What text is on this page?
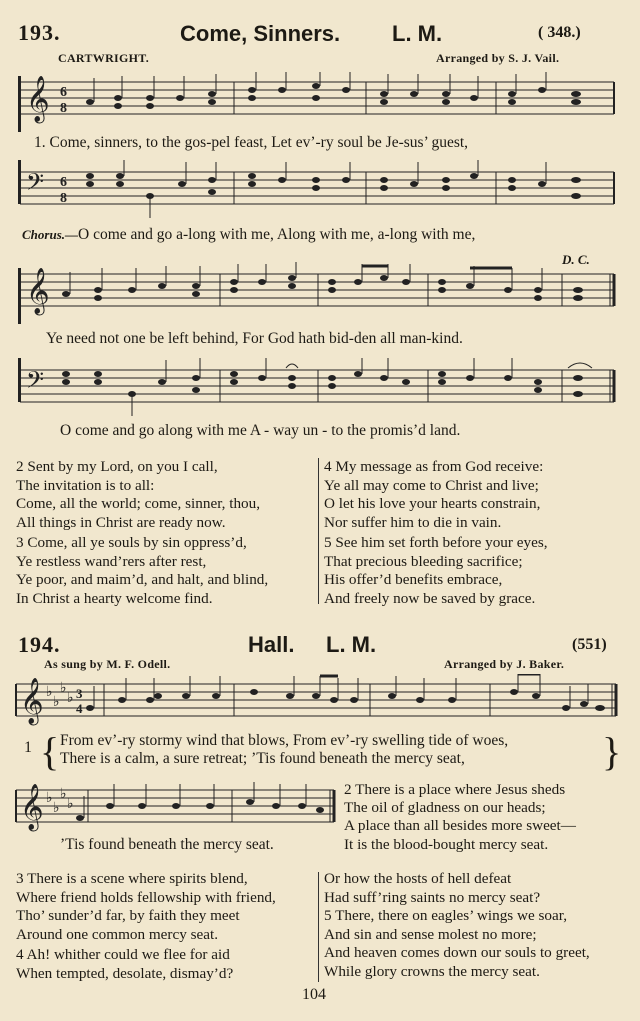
193.	Come, Sinners. L. M.	( 348.)
CARTWRIGHT.	Arranged by S. J. Vail.
𝄞 6
8
1. Come, sinners, to the gos-pel feast, Let ev’-ry soul be Je-sus’ guest,
𝄢 6
8
Chorus.—O come and go a-long with me, Along with me, a-long with me,
𝄞
D. C.
Ye need not one be left behind, For God hath bid-den all man-kind.
𝄢
O come and go along with me A - way un - to the promis’d land.
2 Sent by my Lord, on you I call,
The invitation is to all:
Come, all the world; come, sinner, thou,
All things in Christ are ready now.
3 Come, all ye souls by sin oppress’d,
Ye restless wand’rers after rest,
Ye poor, and maim’d, and halt, and blind,
In Christ a hearty welcome find.
4 My message as from God receive:
Ye all may come to Christ and live;
O let his love your hearts constrain,
Nor suffer him to die in vain.
5 See him set forth before your eyes,
That precious bleeding sacrifice;
His offer’d benefits embrace,
And freely now be saved by grace.
194.	Hall. L. M.	(551)
As sung by M. F. Odell.	Arranged by J. Baker.
𝄞 ♭
♭
♭
♭ 3
4
1 { From ev’-ry stormy wind that blows, From ev’-ry swelling tide of woes,
There is a calm, a sure retreat; ’Tis found beneath the mercy seat,	}
𝄞 ♭
♭
♭
♭
’Tis found beneath the mercy seat.
2 There is a place where Jesus sheds
The oil of gladness on our heads;
A place than all besides more sweet—
It is the blood-bought mercy seat.
3 There is a scene where spirits blend,
Where friend holds fellowship with friend,
Tho’ sunder’d far, by faith they meet
Around one common mercy seat.
4 Ah! whither could we flee for aid
When tempted, desolate, dismay’d?
Or how the hosts of hell defeat
Had suff’ring saints no mercy seat?
5 There, there on eagles’ wings we soar,
And sin and sense molest no more;
And heaven comes down our souls to greet,
While glory crowns the mercy seat.
104
